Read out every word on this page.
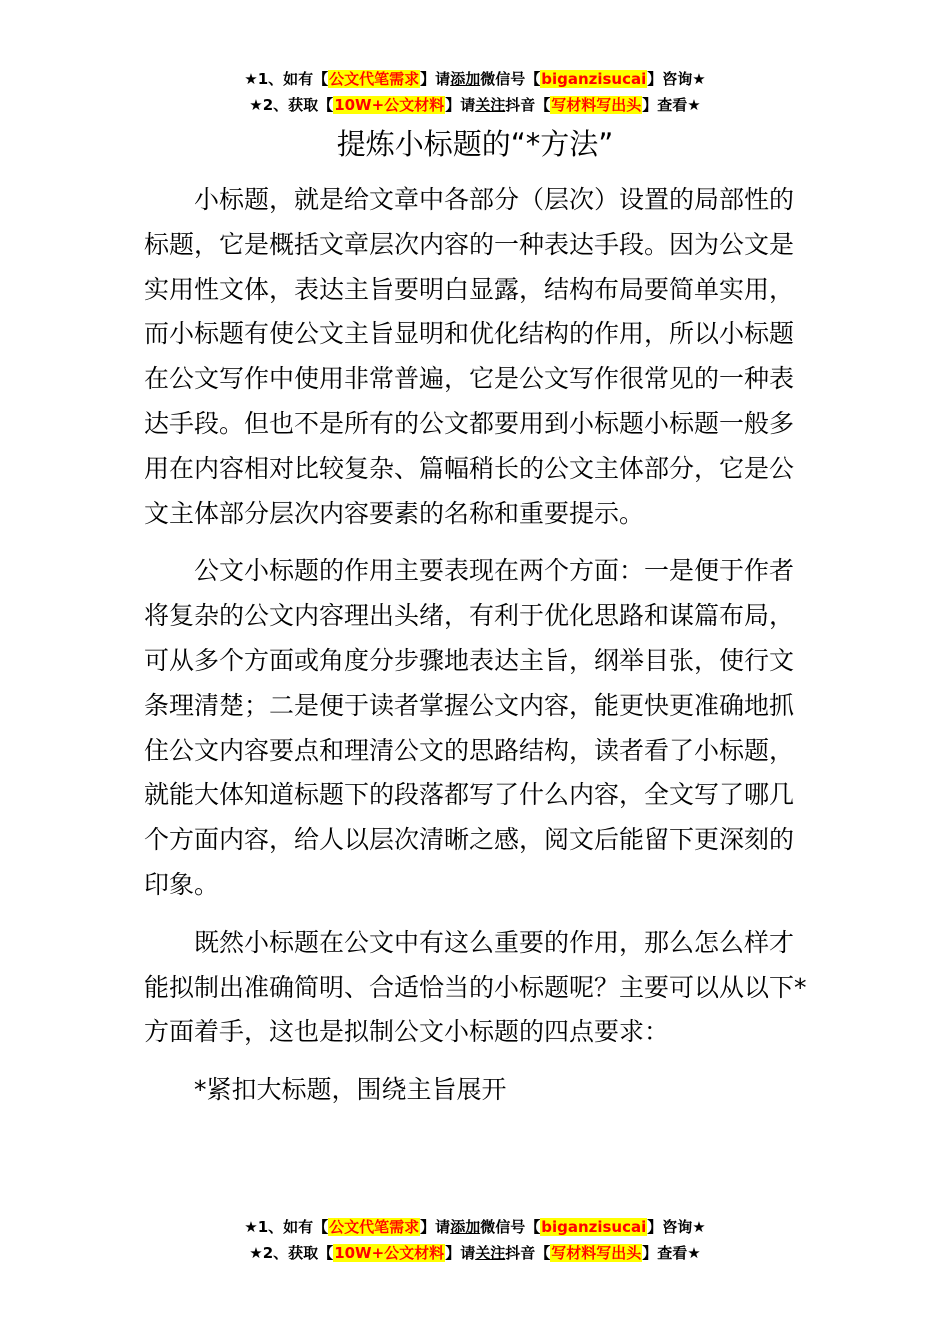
★1、如有【公文代笔需求】请添加微信号【biganzisucai】咨询★
★2、获取【10W+公文材料】请关注抖音【写材料写出头】查看★
提炼小标题的“*方法”

小标题，就是给文章中各部分（层次）设置的局部性的标题，它是概括文章层次内容的一种表达手段。因为公文是实用性文体，表达主旨要明白显露，结构布局要简单实用，而小标题有使公文主旨显明和优化结构的作用，所以小标题在公文写作中使用非常普遍，它是公文写作很常见的一种表达手段。但也不是所有的公文都要用到小标题小标题一般多用在内容相对比较复杂、篇幅稍长的公文主体部分，它是公文主体部分层次内容要素的名称和重要提示。

公文小标题的作用主要表现在两个方面：一是便于作者将复杂的公文内容理出头绪，有利于优化思路和谋篇布局，可从多个方面或角度分步骤地表达主旨，纲举目张，使行文条理清楚；二是便于读者掌握公文内容，能更快更准确地抓住公文内容要点和理清公文的思路结构，读者看了小标题，就能大体知道标题下的段落都写了什么内容，全文写了哪几个方面内容，给人以层次清晰之感，阅文后能留下更深刻的印象。

既然小标题在公文中有这么重要的作用，那么怎么样才能拟制出准确简明、合适恰当的小标题呢？主要可以从以下*方面着手，这也是拟制公文小标题的四点要求：

*紧扣大标题，围绕主旨展开

★1、如有【公文代笔需求】请添加微信号【biganzisucai】咨询★
★2、获取【10W+公文材料】请关注抖音【写材料写出头】查看★
